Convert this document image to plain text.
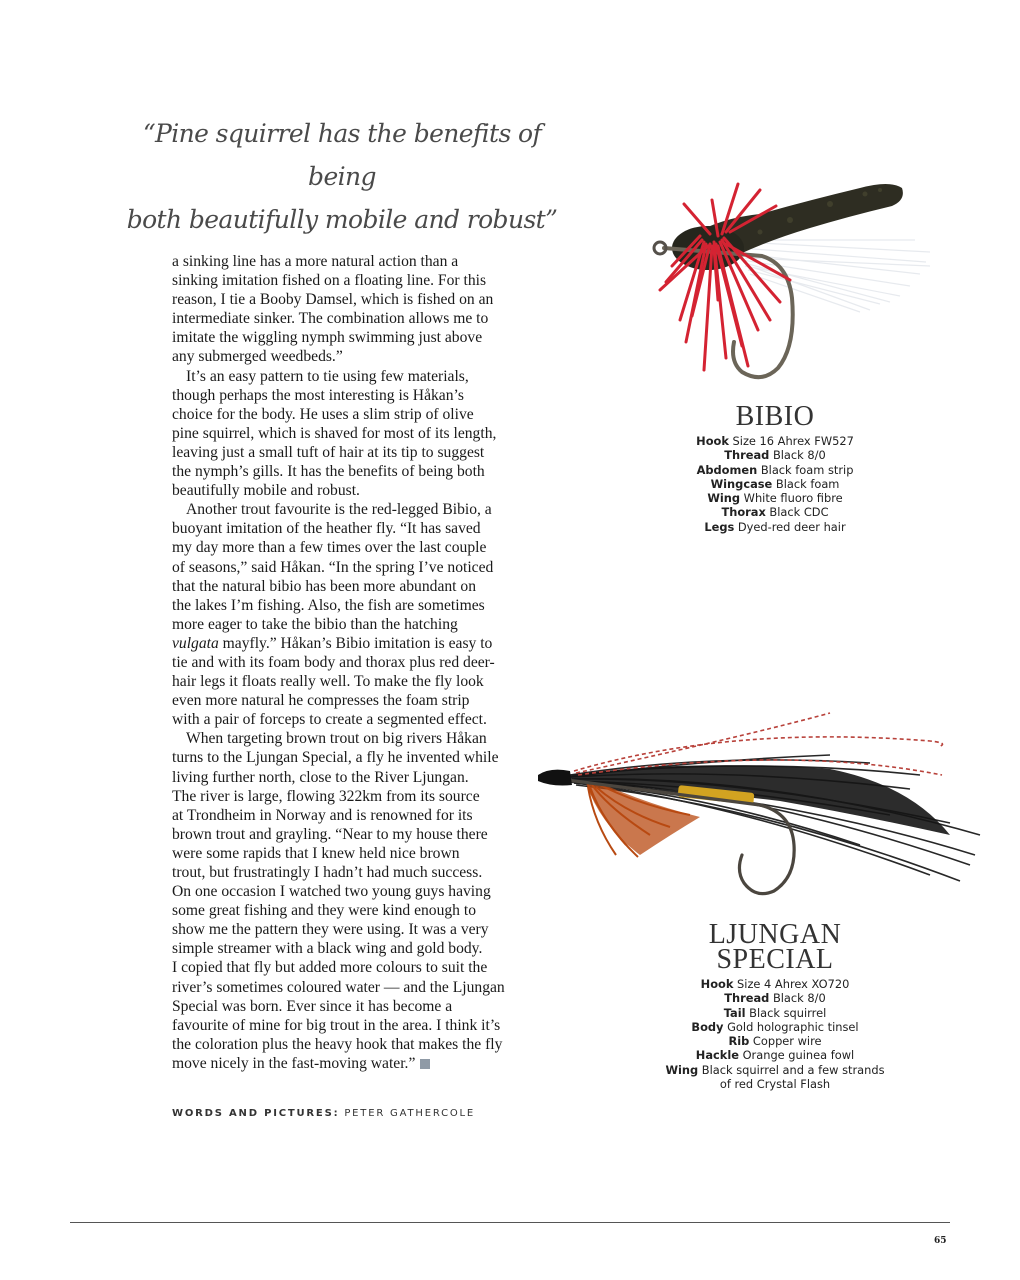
“Pine squirrel has the benefits of being
both beautifully mobile and robust”
a sinking line has a more natural action than a
sinking imitation fished on a floating line. For this
reason, I tie a Booby Damsel, which is fished on an
intermediate sinker. The combination allows me to
imitate the wiggling nymph swimming just above
any submerged weedbeds.”
It’s an easy pattern to tie using few materials,
though perhaps the most interesting is Håkan’s
choice for the body. He uses a slim strip of olive
pine squirrel, which is shaved for most of its length,
leaving just a small tuft of hair at its tip to suggest
the nymph’s gills. It has the benefits of being both
beautifully mobile and robust.
Another trout favourite is the red-legged Bibio, a
buoyant imitation of the heather fly. “It has saved
my day more than a few times over the last couple
of seasons,” said Håkan. “In the spring I’ve noticed
that the natural bibio has been more abundant on
the lakes I’m fishing. Also, the fish are sometimes
more eager to take the bibio than the hatching
vulgata mayfly.” Håkan’s Bibio imitation is easy to
tie and with its foam body and thorax plus red deer-
hair legs it floats really well. To make the fly look
even more natural he compresses the foam strip
with a pair of forceps to create a segmented effect.
When targeting brown trout on big rivers Håkan
turns to the Ljungan Special, a fly he invented while
living further north, close to the River Ljungan.
The river is large, flowing 322km from its source
at Trondheim in Norway and is renowned for its
brown trout and grayling. “Near to my house there
were some rapids that I knew held nice brown
trout, but frustratingly I hadn’t had much success.
On one occasion I watched two young guys having
some great fishing and they were kind enough to
show me the pattern they were using. It was a very
simple streamer with a black wing and gold body.
I copied that fly but added more colours to suit the
river’s sometimes coloured water — and the Ljungan
Special was born. Ever since it has become a
favourite of mine for big trout in the area. I think it’s
the coloration plus the heavy hook that makes the fly
move nicely in the fast-moving water.”
WORDS AND PICTURES: PETER GATHERCOLE
BIBIO
Hook Size 16 Ahrex FW527
Thread Black 8/0
Abdomen Black foam strip
Wingcase Black foam
Wing White fluoro fibre
Thorax Black CDC
Legs Dyed-red deer hair
LJUNGAN
SPECIAL
Hook Size 4 Ahrex XO720
Thread Black 8/0
Tail Black squirrel
Body Gold holographic tinsel
Rib Copper wire
Hackle Orange guinea fowl
Wing Black squirrel and a few strands
of red Crystal Flash
65
